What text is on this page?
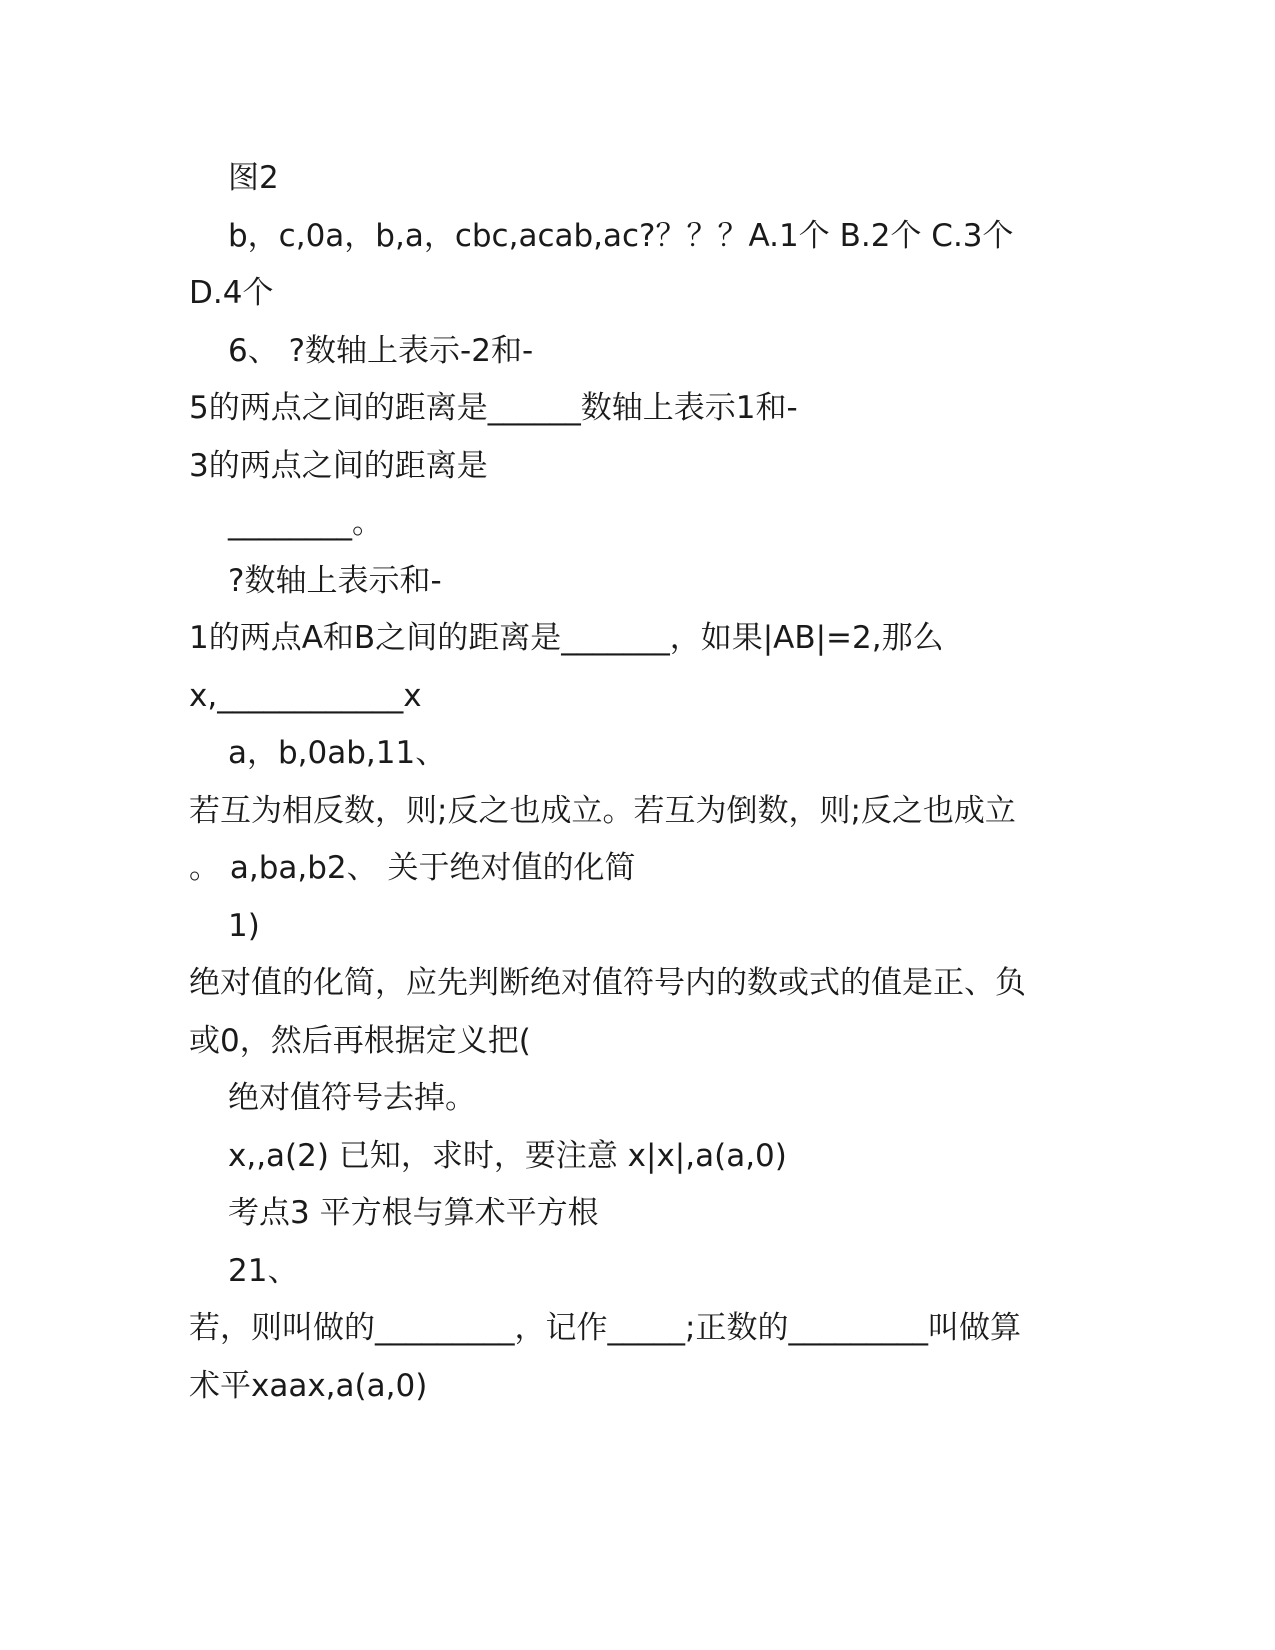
图2
b，c,0a，b,a，cbc,acab,ac?？？？A.1个 B.2个 C.3个
D.4个
6、 ?数轴上表示-2和-
5的两点之间的距离是______数轴上表示1和-
3的两点之间的距离是
________。
?数轴上表示和-
1的两点A和B之间的距离是_______，如果|AB|=2,那么
x,____________x
a，b,0ab,11、
若互为相反数，则;反之也成立。若互为倒数，则;反之也成立
。 a,ba,b2、 关于绝对值的化简
1)
绝对值的化简，应先判断绝对值符号内的数或式的值是正、负
或0，然后再根据定义把(
绝对值符号去掉。
x,,a(2) 已知，求时，要注意 x|x|,a(a,0)
考点3 平方根与算术平方根
21、
若，则叫做的_________，记作_____;正数的_________叫做算
术平xaax,a(a,0)
